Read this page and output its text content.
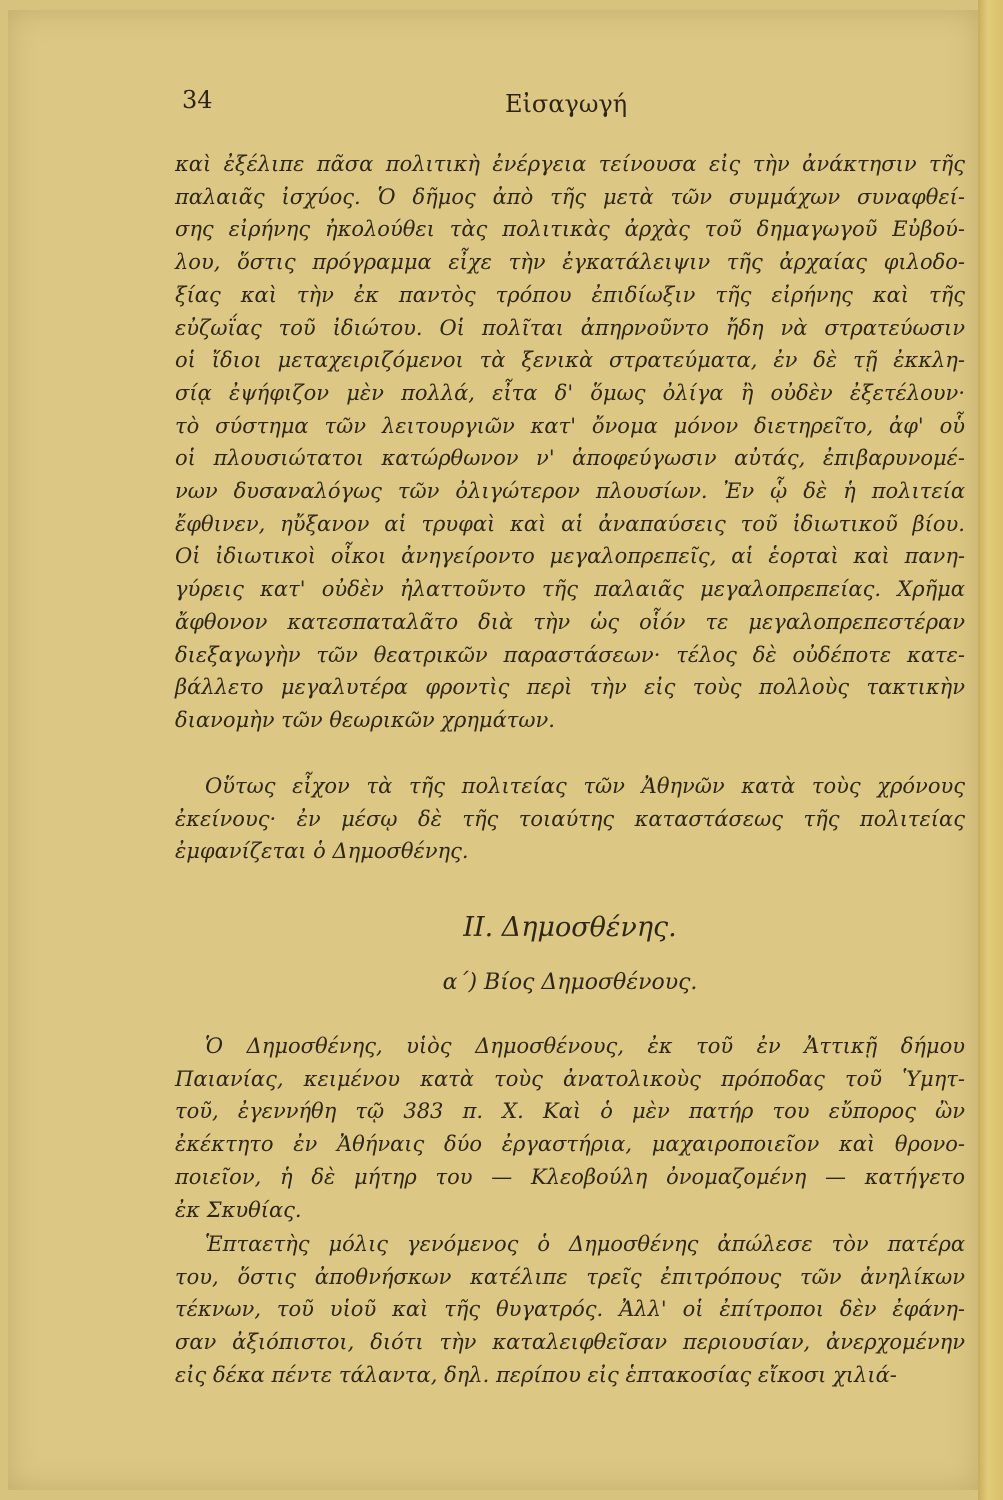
34	Εἰσαγωγή
καὶ ἐξέλιπε πᾶσα πολιτικὴ ἐνέργεια τείνουσα εἰς τὴν ἀνάκτησιν τῆς
παλαιᾶς ἰσχύος. Ὁ δῆμος ἀπὸ τῆς μετὰ τῶν συμμάχων συναφθεί-
σης εἰρήνης ἠκολούθει τὰς πολιτικὰς ἀρχὰς τοῦ δημαγωγοῦ Εὐβού-
λου, ὅστις πρόγραμμα εἶχε τὴν ἐγκατάλειψιν τῆς ἀρχαίας φιλοδο-
ξίας καὶ τὴν ἐκ παντὸς τρόπου ἐπιδίωξιν τῆς εἰρήνης καὶ τῆς
εὐζωΐας τοῦ ἰδιώτου. Οἱ πολῖται ἀπηρνοῦντο ἤδη νὰ στρατεύωσιν
οἱ ἴδιοι μεταχειριζόμενοι τὰ ξενικὰ στρατεύματα, ἐν δὲ τῇ ἐκκλη-
σίᾳ ἐψήφιζον μὲν πολλά, εἶτα δ' ὅμως ὀλίγα ἢ οὐδὲν ἐξετέλουν·
τὸ σύστημα τῶν λειτουργιῶν κατ' ὄνομα μόνον διετηρεῖτο, ἀφ' οὗ
οἱ πλουσιώτατοι κατώρθωνον ν' ἀποφεύγωσιν αὐτάς, ἐπιβαρυνομέ-
νων δυσαναλόγως τῶν ὀλιγώτερον πλουσίων. Ἐν ᾧ δὲ ἡ πολιτεία
ἔφθινεν, ηὔξανον αἱ τρυφαὶ καὶ αἱ ἀναπαύσεις τοῦ ἰδιωτικοῦ βίου.
Οἱ ἰδιωτικοὶ οἶκοι ἀνηγείροντο μεγαλοπρεπεῖς, αἱ ἑορταὶ καὶ πανη-
γύρεις κατ' οὐδὲν ἠλαττοῦντο τῆς παλαιᾶς μεγαλοπρεπείας. Χρῆμα
ἄφθονον κατεσπαταλᾶτο διὰ τὴν ὡς οἷόν τε μεγαλοπρεπεστέραν
διεξαγωγὴν τῶν θεατρικῶν παραστάσεων· τέλος δὲ οὐδέποτε κατε-
βάλλετο μεγαλυτέρα φροντὶς περὶ τὴν εἰς τοὺς πολλοὺς τακτικὴν
διανομὴν τῶν θεωρικῶν χρημάτων.
Οὕτως εἶχον τὰ τῆς πολιτείας τῶν Ἀθηνῶν κατὰ τοὺς χρόνους
ἐκείνους· ἐν μέσῳ δὲ τῆς τοιαύτης καταστάσεως τῆς πολιτείας
ἐμφανίζεται ὁ Δημοσθένης.
II. Δημοσθένης.
α΄) Βίος Δημοσθένους.
Ὁ Δημοσθένης, υἱὸς Δημοσθένους, ἐκ τοῦ ἐν Ἀττικῇ δήμου
Παιανίας, κειμένου κατὰ τοὺς ἀνατολικοὺς πρόποδας τοῦ Ὑμητ-
τοῦ, ἐγεννήθη τῷ 383 π. Χ. Καὶ ὁ μὲν πατήρ του εὔπορος ὢν
ἐκέκτητο ἐν Ἀθήναις δύο ἐργαστήρια, μαχαιροποιεῖον καὶ θρονο-
ποιεῖον, ἡ δὲ μήτηρ του — Κλεοβούλη ὀνομαζομένη — κατήγετο
ἐκ Σκυθίας.
Ἑπταετὴς μόλις γενόμενος ὁ Δημοσθένης ἀπώλεσε τὸν πατέρα
του, ὅστις ἀποθνήσκων κατέλιπε τρεῖς ἐπιτρόπους τῶν ἀνηλίκων
τέκνων, τοῦ υἱοῦ καὶ τῆς θυγατρός. Ἀλλ' οἱ ἐπίτροποι δὲν ἐφάνη-
σαν ἀξιόπιστοι, διότι τὴν καταλειφθεῖσαν περιουσίαν, ἀνερχομένην
εἰς δέκα πέντε τάλαντα, δηλ. περίπου εἰς ἑπτακοσίας εἴκοσι χιλιά-
